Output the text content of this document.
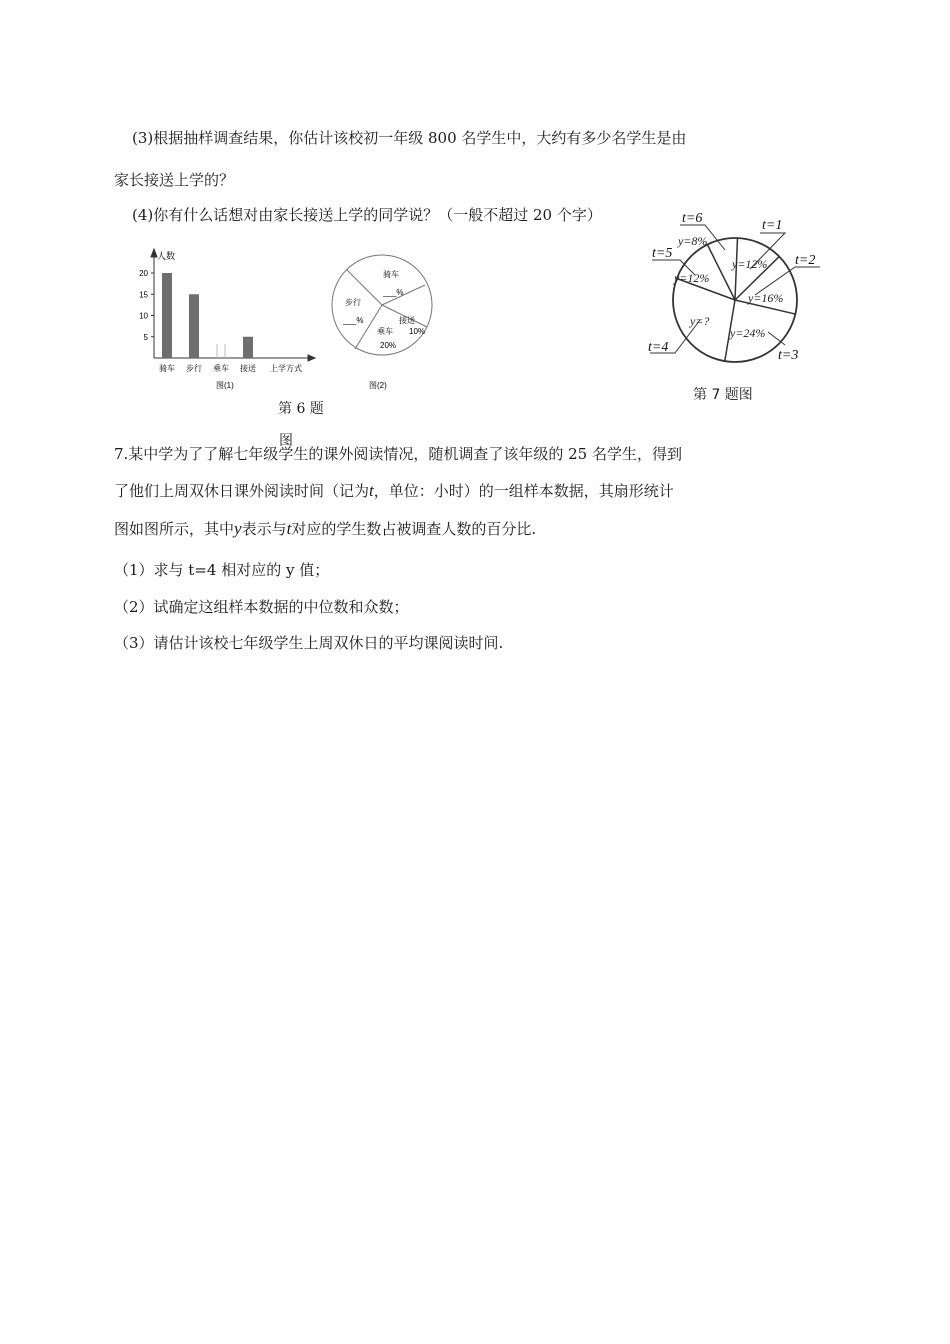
(3)根据抽样调查结果，你估计该校初一年级 800 名学生中，大约有多少名学生是由
家长接送上学的？
(4)你有什么话想对由家长接送上学的同学说？（一般不超过 20 个字）
人数
5
10
15
20
骑车 步行 乘车 接送 上学方式
图(1)
骑车
___%
步行
___%
乘车
20%
接送
10%
图(2)
第 6 题
图
y=12%
y=16%
y=24%
y=?
y=12%
y=8%
t=1
t=2
t=3
t=4
t=5
t=6
第 7 题图
7.某中学为了了解七年级学生的课外阅读情况，随机调查了该年级的 25 名学生，得到
了他们上周双休日课外阅读时间（记为t，单位：小时）的一组样本数据，其扇形统计
图如图所示，其中y表示与t对应的学生数占被调查人数的百分比.
（1）求与 t=4 相对应的 y 值；
（2）试确定这组样本数据的中位数和众数；
（3）请估计该校七年级学生上周双休日的平均课阅读时间.
